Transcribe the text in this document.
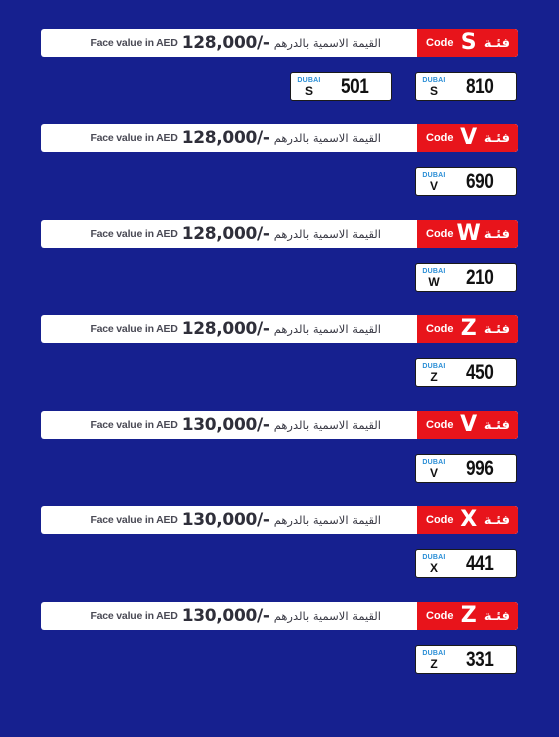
Face value in AED 128,000/- القيمة الاسمية بالدرهم	Code S فئـة
DUBAI
S	810
DUBAI
S	501
Face value in AED 128,000/- القيمة الاسمية بالدرهم	Code V فئـة
DUBAI
V	690
Face value in AED 128,000/- القيمة الاسمية بالدرهم	Code W فئـة
DUBAI
W	210
Face value in AED 128,000/- القيمة الاسمية بالدرهم	Code Z فئـة
DUBAI
Z	450
Face value in AED 130,000/- القيمة الاسمية بالدرهم	Code V فئـة
DUBAI
V	996
Face value in AED 130,000/- القيمة الاسمية بالدرهم	Code X فئـة
DUBAI
X	441
Face value in AED 130,000/- القيمة الاسمية بالدرهم	Code Z فئـة
DUBAI
Z	331
